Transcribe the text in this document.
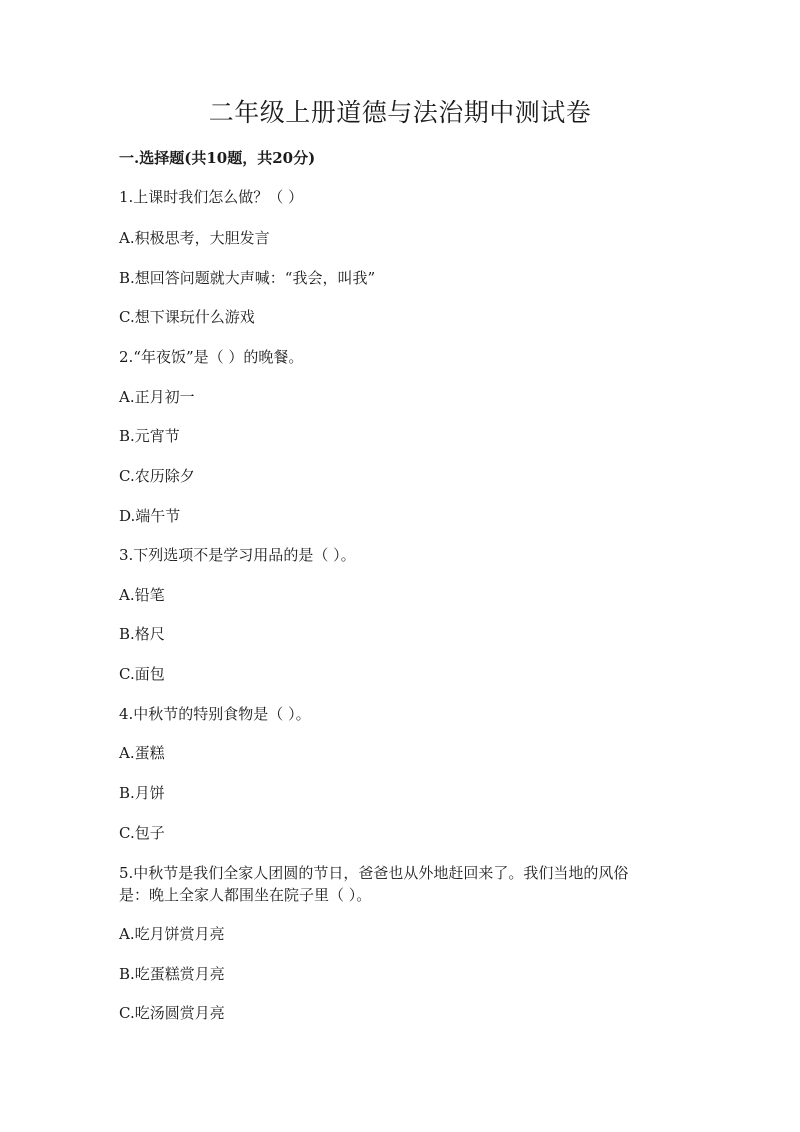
二年级上册道德与法治期中测试卷
一.选择题(共10题，共20分)
1.上课时我们怎么做？（ ）
A.积极思考，大胆发言
B.想回答问题就大声喊：“我会，叫我”
C.想下课玩什么游戏
2.“年夜饭”是（ ）的晚餐。
A.正月初一
B.元宵节
C.农历除夕
D.端午节
3.下列选项不是学习用品的是（ ）。
A.铅笔
B.格尺
C.面包
4.中秋节的特别食物是（ ）。
A.蛋糕
B.月饼
C.包子
5.中秋节是我们全家人团圆的节日，爸爸也从外地赶回来了。我们当地的风俗
是：晚上全家人都围坐在院子里（ ）。
A.吃月饼赏月亮
B.吃蛋糕赏月亮
C.吃汤圆赏月亮
